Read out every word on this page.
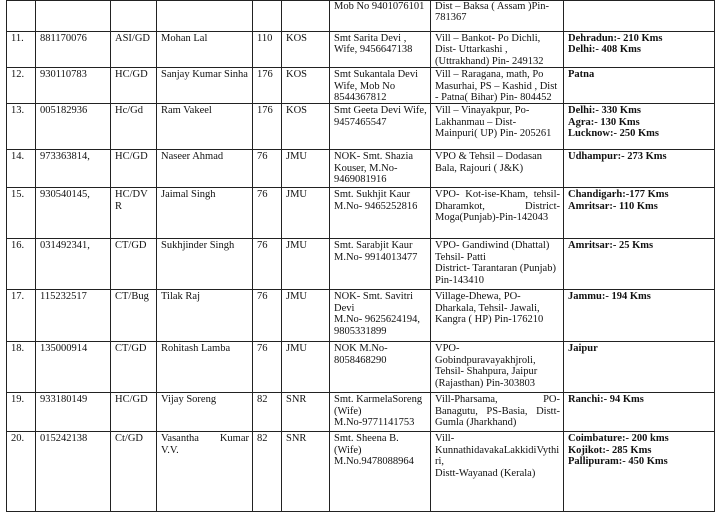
						Mob No 9401076101	Dist – Baksa ( Assam )Pin-781367	
11.	881170076	ASI/GD	Mohan Lal	110	KOS	Smt Sarita Devi , Wife, 9456647138	Vill – Bankot- Po Dichli, Dist- Uttarkashi , (Uttrakhand) Pin- 249132	Dehradun:- 210 Kms
Delhi:- 408 Kms
12.	930110783	HC/GD	Sanjay Kumar Sinha	176	KOS	Smt Sukantala Devi Wife, Mob No 8544367812	Vill – Raragana, math, Po Masurhai, PS – Kashid , Dist - Patna( Bihar) Pin- 804452	Patna
13.	005182936	Hc/Gd	Ram Vakeel	176	KOS	Smt Geeta Devi Wife, 9457465547	Vill – Vinayakpur, Po- Lakhanmau – Dist- Mainpuri( UP) Pin- 205261	Delhi:- 330 Kms
Agra:- 130 Kms
Lucknow:- 250 Kms
14.	973363814,	HC/GD	Naseer Ahmad	76	JMU	NOK- Smt. Shazia Kouser, M.No-9469081916	VPO & Tehsil – Dodasan Bala, Rajouri ( J&K)	Udhampur:- 273 Kms
15.	930540145,	HC/DVR	Jaimal Singh	76	JMU	Smt. Sukhjit Kaur M.No- 9465252816	VPO- Kot-ise-Kham, tehsil- Dharamkot, District-Moga(Punjab)-Pin-142043	Chandigarh:-177 Kms
Amritsar:- 110 Kms
16.	031492341,	CT/GD	Sukhjinder Singh	76	JMU	Smt. Sarabjit Kaur M.No- 9914013477	VPO- Gandiwind (Dhattal) Tehsil- Patti
District- Tarantaran (Punjab) Pin-143410	Amritsar:- 25 Kms
17.	115232517	CT/Bug	Tilak Raj	76	JMU	NOK- Smt. Savitri Devi
M.No- 9625624194, 9805331899	Village-Dhewa, PO-Dharkala, Tehsil- Jawali, Kangra ( HP) Pin-176210	Jammu:- 194 Kms
18.	135000914	CT/GD	Rohitash Lamba	76	JMU	NOK M.No-8058468290	VPO-Gobindpuravayakhjroli, Tehsil- Shahpura, Jaipur (Rajasthan) Pin-303803	Jaipur
19.	933180149	HC/GD	Vijay Soreng	82	SNR	Smt. KarmelaSoreng (Wife)
M.No-9771141753	Vill-Pharsama, PO-Banagutu, PS-Basia, Distt-Gumla (Jharkhand)	Ranchi:- 94 Kms
20.	015242138	Ct/GD	Vasantha Kumar V.V.	82	SNR	Smt. Sheena B. (Wife)
M.No.9478088964	Vill-KunnathidavakaLakkidiVythiri,
Distt-Wayanad (Kerala)	Coimbature:- 200 kms
Kojikot:- 285 Kms
Pallipuram:- 450 Kms
